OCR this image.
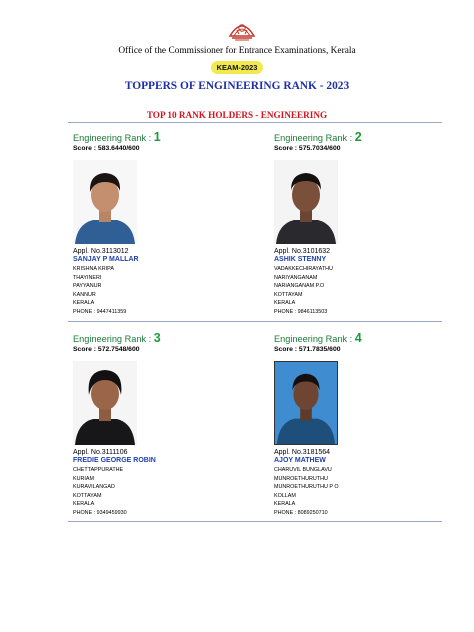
Office of the Commissioner for Entrance Examinations, Kerala
KEAM-2023
TOPPERS OF ENGINEERING RANK - 2023
TOP 10 RANK HOLDERS - ENGINEERING
Engineering Rank : 1
Score : 583.6440/600
Appl. No.3113012
SANJAY P MALLAR
KRISHNA KRIPA
THAYINERI
PAYYANUR
KANNUR
KERALA
PHONE : 9447411359
Engineering Rank : 2
Score : 575.7034/600
Appl. No.3101632
ASHIK STENNY
VADAKKECHIRAYATHU
NARIYANGANAM
NARIANGANAM P.O
KOTTAYAM
KERALA
PHONE : 9846113503
Engineering Rank : 3
Score : 572.7548/600
Appl. No.3111106
FREDIE GEORGE ROBIN
CHETTAPPURATHE
KURIAM
KURAVILANGAD
KOTTAYAM
KERALA
PHONE : 9349459930
Engineering Rank : 4
Score : 571.7835/600
Appl. No.3181564
AJOY MATHEW
CHARUVIL BUNGLAVU
MUNROETHURUTHU
MUNROETHURUTHU P O
KOLLAM
KERALA
PHONE : 8089250710
